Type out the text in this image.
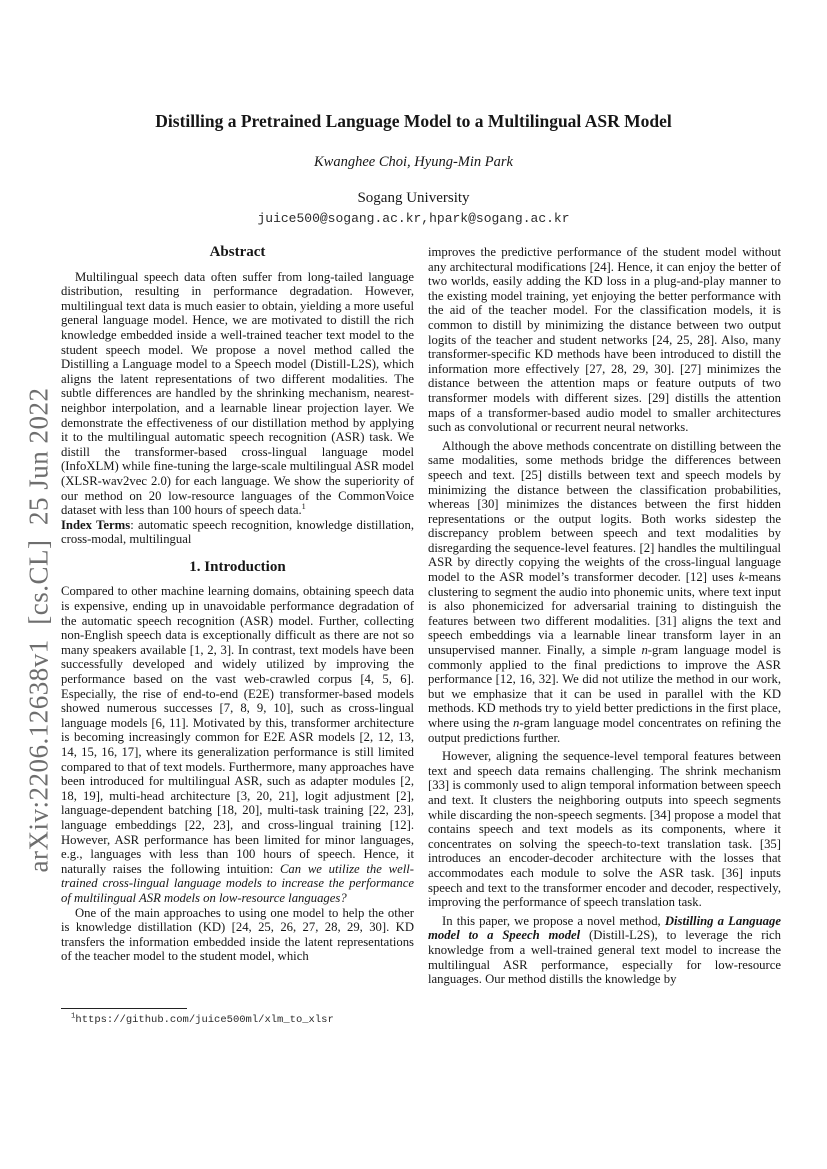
arXiv:2206.12638v1  [cs.CL]  25 Jun 2022
Distilling a Pretrained Language Model to a Multilingual ASR Model
Kwanghee Choi, Hyung-Min Park
Sogang University
juice500@sogang.ac.kr,hpark@sogang.ac.kr
Abstract

Multilingual speech data often suffer from long-tailed language distribution, resulting in performance degradation. However, multilingual text data is much easier to obtain, yielding a more useful general language model. Hence, we are motivated to distill the rich knowledge embedded inside a well-trained teacher text model to the student speech model. We propose a novel method called the Distilling a Language model to a Speech model (Distill-L2S), which aligns the latent representations of two different modalities. The subtle differences are handled by the shrinking mechanism, nearest-neighbor interpolation, and a learnable linear projection layer. We demonstrate the effectiveness of our distillation method by applying it to the multilingual automatic speech recognition (ASR) task. We distill the transformer-based cross-lingual language model (InfoXLM) while fine-tuning the large-scale multilingual ASR model (XLSR-wav2vec 2.0) for each language. We show the superiority of our method on 20 low-resource languages of the CommonVoice dataset with less than 100 hours of speech data.$^1$

Index Terms: automatic speech recognition, knowledge distillation, cross-modal, multilingual

1. Introduction

Compared to other machine learning domains, obtaining speech data is expensive, ending up in unavoidable performance degradation of the automatic speech recognition (ASR) model. Further, collecting non-English speech data is exceptionally difficult as there are not so many speakers available [1, 2, 3]. In contrast, text models have been successfully developed and widely utilized by improving the performance based on the vast web-crawled corpus [4, 5, 6]. Especially, the rise of end-to-end (E2E) transformer-based models showed numerous successes [7, 8, 9, 10], such as cross-lingual language models [6, 11]. Motivated by this, transformer architecture is becoming increasingly common for E2E ASR models [2, 12, 13, 14, 15, 16, 17], where its generalization performance is still limited compared to that of text models. Furthermore, many approaches have been introduced for multilingual ASR, such as adapter modules [2, 18, 19], multi-head architecture [3, 20, 21], logit adjustment [2], language-dependent batching [18, 20], multi-task training [22, 23], language embeddings [22, 23], and cross-lingual training [12]. However, ASR performance has been limited for minor languages, e.g., languages with less than 100 hours of speech. Hence, it naturally raises the following intuition: Can we utilize the well-trained cross-lingual language models to increase the performance of multilingual ASR models on low-resource languages?

One of the main approaches to using one model to help the other is knowledge distillation (KD) [24, 25, 26, 27, 28, 29, 30]. KD transfers the information embedded inside the latent representations of the teacher model to the student model, which

improves the predictive performance of the student model without any architectural modifications [24]. Hence, it can enjoy the better of two worlds, easily adding the KD loss in a plug-and-play manner to the existing model training, yet enjoying the better performance with the aid of the teacher model. For the classification models, it is common to distill by minimizing the distance between two output logits of the teacher and student networks [24, 25, 28]. Also, many transformer-specific KD methods have been introduced to distill the information more effectively [27, 28, 29, 30]. [27] minimizes the distance between the attention maps or feature outputs of two transformer models with different sizes. [29] distills the attention maps of a transformer-based audio model to smaller architectures such as convolutional or recurrent neural networks.

Although the above methods concentrate on distilling between the same modalities, some methods bridge the differences between speech and text. [25] distills between text and speech models by minimizing the distance between the classification probabilities, whereas [30] minimizes the distances between the first hidden representations or the output logits. Both works sidestep the discrepancy problem between speech and text modalities by disregarding the sequence-level features. [2] handles the multilingual ASR by directly copying the weights of the cross-lingual language model to the ASR model’s transformer decoder. [12] uses k-means clustering to segment the audio into phonemic units, where text input is also phonemicized for adversarial training to distinguish the features between two different modalities. [31] aligns the text and speech embeddings via a learnable linear transform layer in an unsupervised manner. Finally, a simple n-gram language model is commonly applied to the final predictions to improve the ASR performance [12, 16, 32]. We did not utilize the method in our work, but we emphasize that it can be used in parallel with the KD methods. KD methods try to yield better predictions in the first place, where using the n-gram language model concentrates on refining the output predictions further.

However, aligning the sequence-level temporal features between text and speech data remains challenging. The shrink mechanism [33] is commonly used to align temporal information between speech and text. It clusters the neighboring outputs into speech segments while discarding the non-speech segments. [34] propose a model that contains speech and text models as its components, where it concentrates on solving the speech-to-text translation task. [35] introduces an encoder-decoder architecture with the losses that accommodates each module to solve the ASR task. [36] inputs speech and text to the transformer encoder and decoder, respectively, improving the performance of speech translation task.

In this paper, we propose a novel method, Distilling a Language model to a Speech model (Distill-L2S), to leverage the rich knowledge from a well-trained general text model to increase the multilingual ASR performance, especially for low-resource languages. Our method distills the knowledge by

$^1$https://github.com/juice500ml/xlm_to_xlsr
